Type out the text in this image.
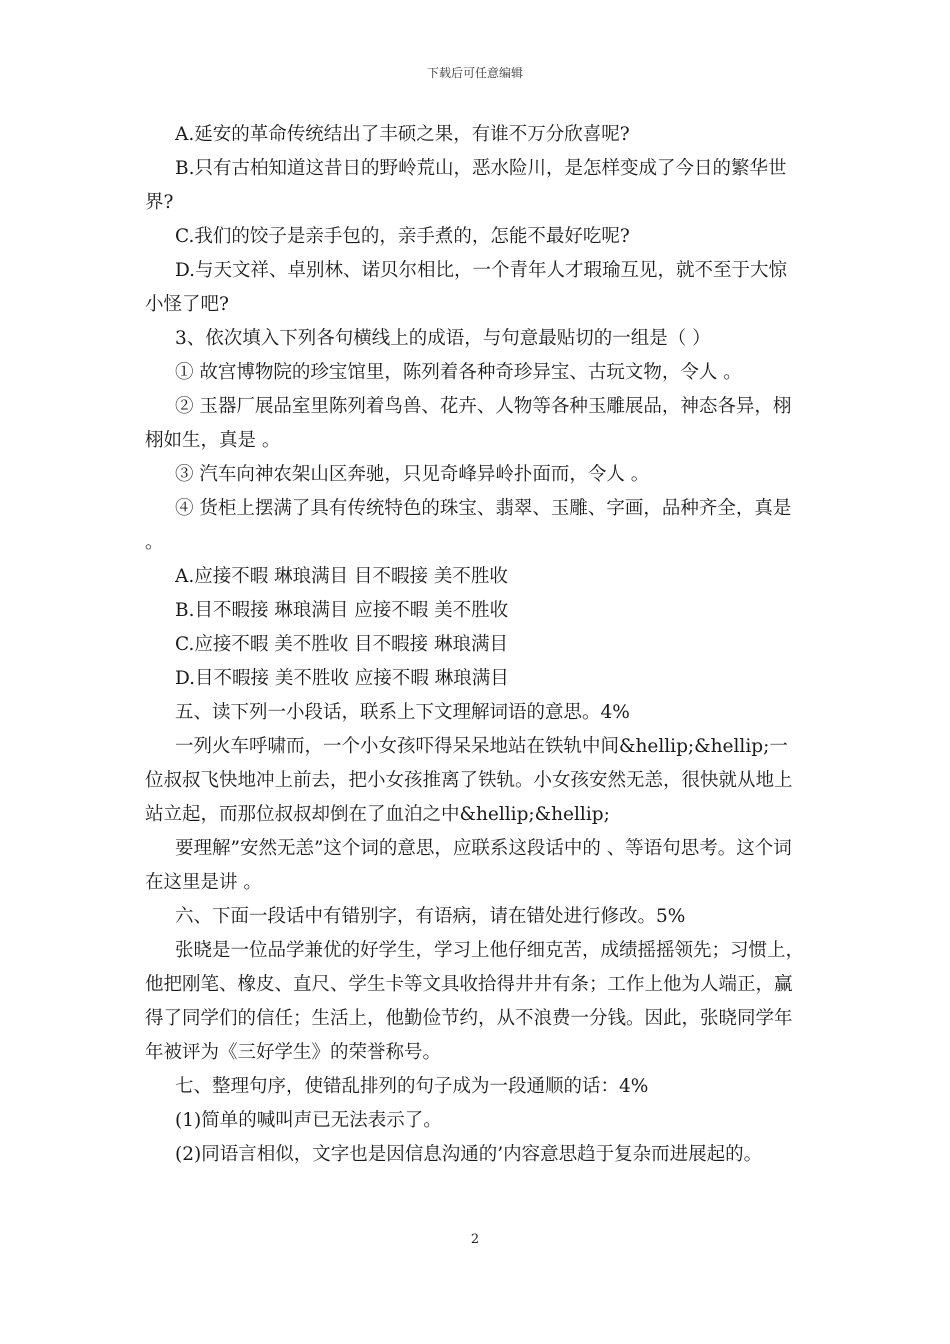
下载后可任意编辑

A.延安的革命传统结出了丰硕之果，有谁不万分欣喜呢?

B.只有古柏知道这昔日的野岭荒山，恶水险川，是怎样变成了今日的繁华世界?

C.我们的饺子是亲手包的，亲手煮的，怎能不最好吃呢?

D.与天文祥、卓别林、诺贝尔相比，一个青年人才瑕瑜互见，就不至于大惊小怪了吧?

3、依次填入下列各句横线上的成语，与句意最贴切的一组是（ ）

① 故宫博物院的珍宝馆里，陈列着各种奇珍异宝、古玩文物，令人 。

② 玉器厂展品室里陈列着鸟兽、花卉、人物等各种玉雕展品，神态各异，栩 栩如生，真是 。

③ 汽车向神农架山区奔驰，只见奇峰异岭扑面而，令人 。

④ 货柜上摆满了具有传统特色的珠宝、翡翠、玉雕、字画，品种齐全，真是 。

A.应接不暇 琳琅满目 目不暇接 美不胜收

B.目不暇接 琳琅满目 应接不暇 美不胜收

C.应接不暇 美不胜收 目不暇接 琳琅满目

D.目不暇接 美不胜收 应接不暇 琳琅满目

五、读下列一小段话，联系上下文理解词语的意思。4%

一列火车呼啸而，一个小女孩吓得呆呆地站在铁轨中间&hellip;&hellip;一位叔叔飞快地冲上前去，把小女孩推离了铁轨。小女孩安然无恙，很快就从地上站立起，而那位叔叔却倒在了血泊之中&hellip;&hellip;

要理解”安然无恙”这个词的意思，应联系这段话中的 、等语句思考。这个词在这里是讲 。

六、下面一段话中有错别字，有语病，请在错处进行修改。5%

张晓是一位品学兼优的好学生，学习上他仔细克苦，成绩摇摇领先；习惯上，他把刚笔、橡皮、直尺、学生卡等文具收拾得井井有条；工作上他为人端正，赢得了同学们的信任；生活上，他勤俭节约，从不浪费一分钱。因此，张晓同学年年被评为《三好学生》的荣誉称号。

七、整理句序，使错乱排列的句子成为一段通顺的话：4%

(1)简单的喊叫声已无法表示了。

(2)同语言相似，文字也是因信息沟通的’内容意思趋于复杂而进展起的。

2
